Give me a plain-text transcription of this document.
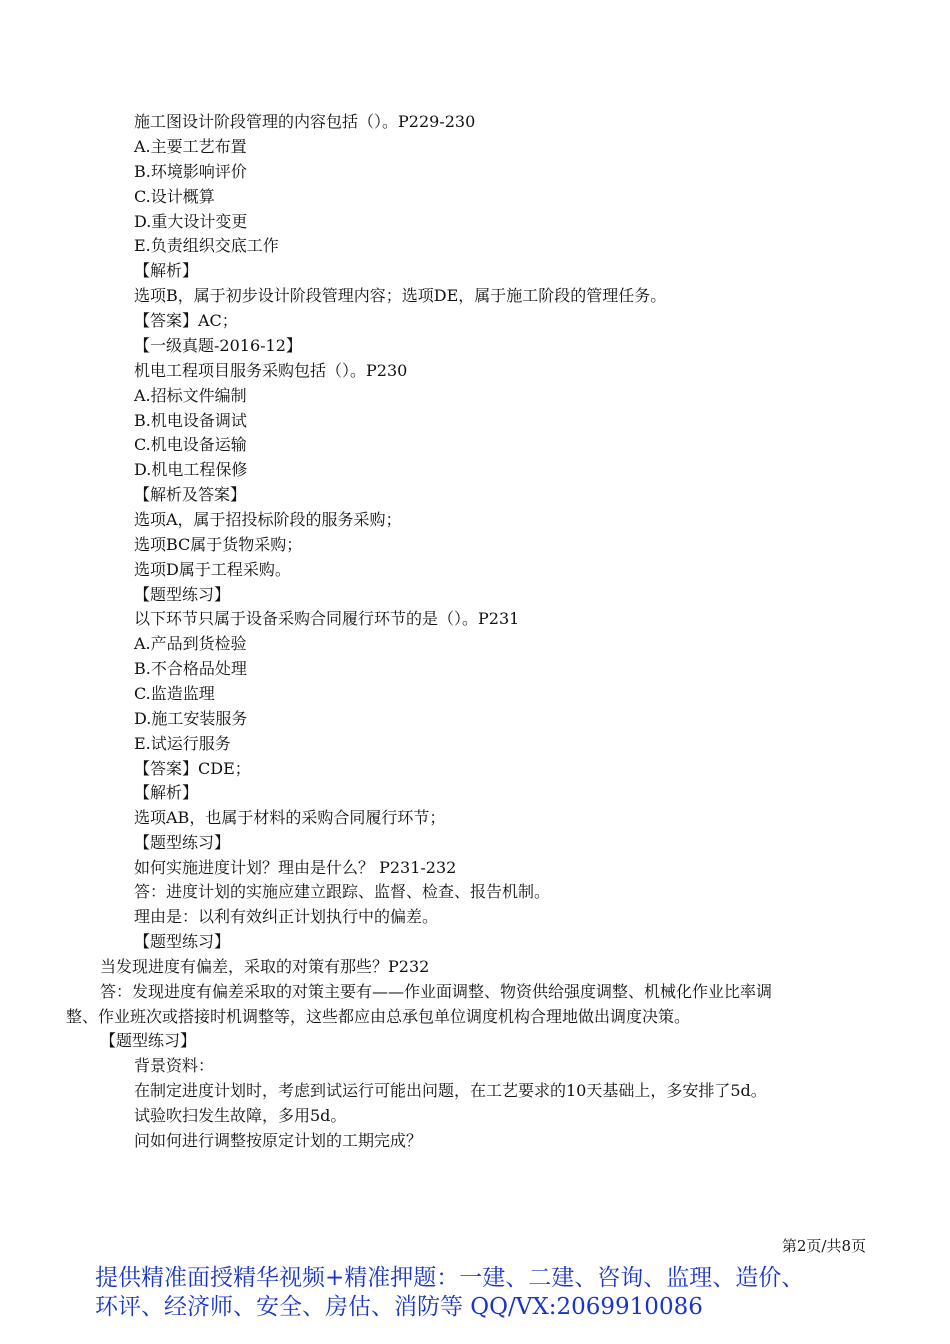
施工图设计阶段管理的内容包括（）。P229-230
A.主要工艺布置
B.环境影响评价
C.设计概算
D.重大设计变更
E.负责组织交底工作
【解析】
选项B，属于初步设计阶段管理内容；选项DE，属于施工阶段的管理任务。
【答案】AC；
【一级真题-2016-12】
机电工程项目服务采购包括（）。P230
A.招标文件编制
B.机电设备调试
C.机电设备运输
D.机电工程保修
【解析及答案】
选项A，属于招投标阶段的服务采购；
选项BC属于货物采购；
选项D属于工程采购。
【题型练习】
以下环节只属于设备采购合同履行环节的是（）。P231
A.产品到货检验
B.不合格品处理
C.监造监理
D.施工安装服务
E.试运行服务
【答案】CDE；
【解析】
选项AB，也属于材料的采购合同履行环节；
【题型练习】
如何实施进度计划？理由是什么？ P231-232
答：进度计划的实施应建立跟踪、监督、检查、报告机制。
理由是：以利有效纠正计划执行中的偏差。
【题型练习】
当发现进度有偏差，采取的对策有那些？P232
答：发现进度有偏差采取的对策主要有——作业面调整、物资供给强度调整、机械化作业比率调
整、作业班次或搭接时机调整等，这些都应由总承包单位调度机构合理地做出调度决策。
【题型练习】
背景资料：
在制定进度计划时，考虑到试运行可能出问题，在工艺要求的10天基础上，多安排了5d。
试验吹扫发生故障，多用5d。
问如何进行调整按原定计划的工期完成？
第2页/共8页
提供精准面授精华视频+精准押题：一建、二建、咨询、监理、造价、
环评、经济师、安全、房估、消防等 QQ/VX:2069910086
